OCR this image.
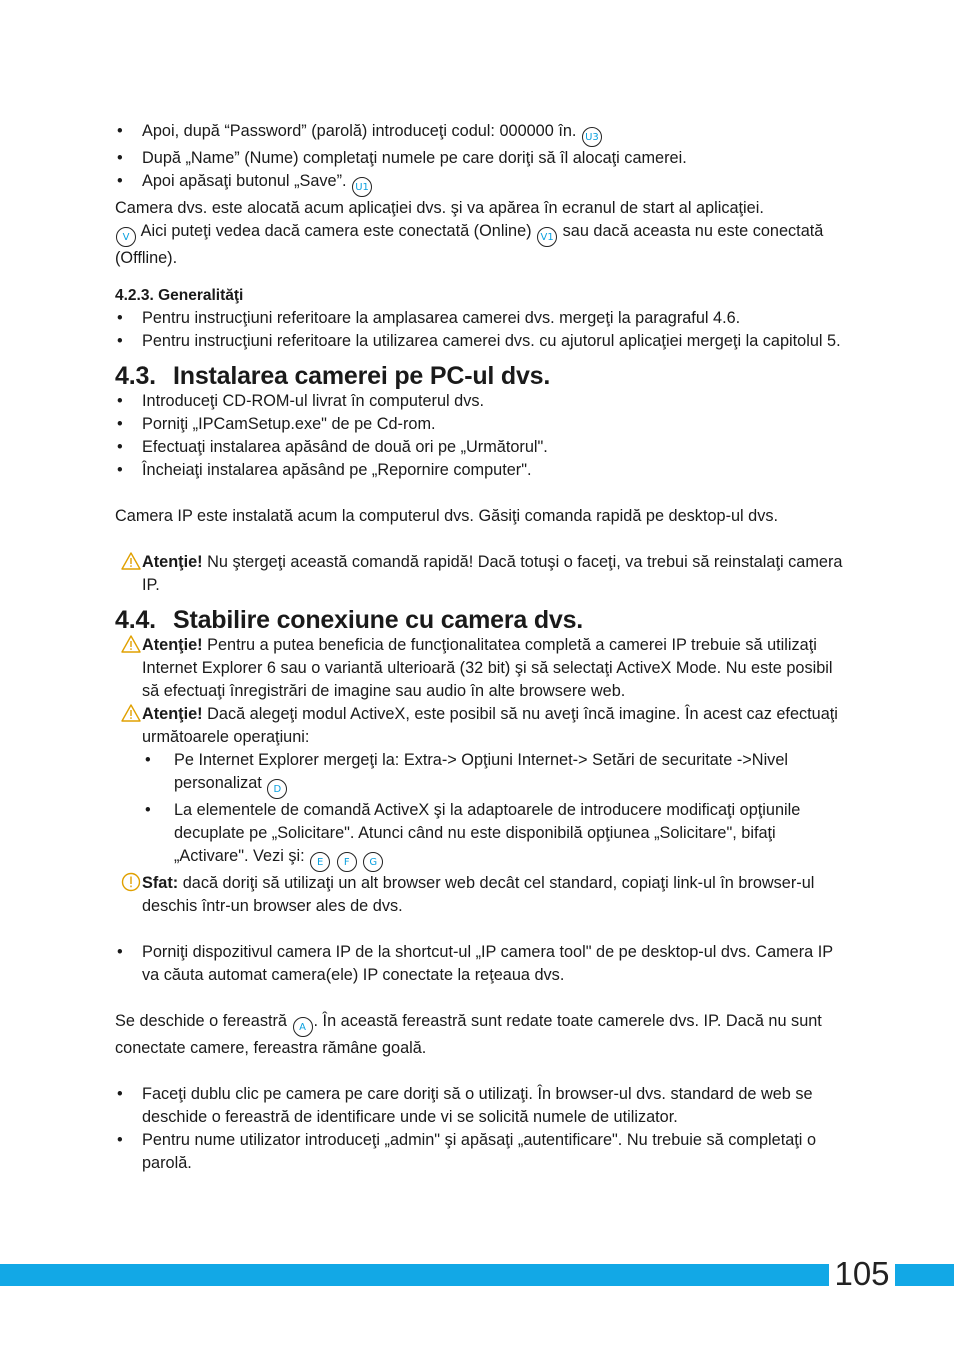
• Apoi, după “Password” (parolă) introduceţi codul: 000000 în. U3
• După „Name” (Nume) completaţi numele pe care doriţi să îl alocaţi camerei.
• Apoi apăsaţi butonul „Save”. U1
Camera dvs. este alocată acum aplicaţiei dvs. şi va apărea în ecranul de start al aplicaţiei.
V Aici puteţi vedea dacă camera este conectată (Online) V1 sau dacă aceasta nu este conectată (Offline).
4.2.3. Generalităţi
• Pentru instrucţiuni referitoare la amplasarea camerei dvs. mergeţi la paragraful 4.6.
• Pentru instrucţiuni referitoare la utilizarea camerei dvs. cu ajutorul aplicaţiei mergeţi la capitolul 5.
4.3. Instalarea camerei pe PC-ul dvs.
• Introduceţi CD-ROM-ul livrat în computerul dvs.
• Porniţi „IPCamSetup.exe" de pe Cd-rom.
• Efectuaţi instalarea apăsând de două ori pe „Următorul".
• Încheiaţi instalarea apăsând pe „Repornire computer".
Camera IP este instalată acum la computerul dvs. Găsiţi comanda rapidă pe desktop-ul dvs.
Atenţie! Nu ştergeţi această comandă rapidă! Dacă totuşi o faceţi, va trebui să reinstalaţi camera IP.
4.4. Stabilire conexiune cu camera dvs.
Atenţie! Pentru a putea beneficia de funcţionalitatea completă a camerei IP trebuie să utilizaţi Internet Explorer 6 sau o variantă ulterioară (32 bit) şi să selectaţi ActiveX Mode. Nu este posibil să efectuaţi înregistrări de imagine sau audio în alte browsere web.
Atenţie! Dacă alegeţi modul ActiveX, este posibil să nu aveţi încă imagine. În acest caz efectuaţi următoarele operaţiuni:
• Pe Internet Explorer mergeţi la: Extra-> Opţiuni Internet-> Setări de securitate ->Nivel personalizat D
• La elementele de comandă ActiveX şi la adaptoarele de introducere modificaţi opţiunile decuplate pe „Solicitare". Atunci când nu este disponibilă opţiunea „Solicitare", bifaţi „Activare". Vezi şi: E F G
Sfat: dacă doriţi să utilizaţi un alt browser web decât cel standard, copiaţi link-ul în browser-ul deschis într-un browser ales de dvs.
• Porniţi dispozitivul camera IP de la shortcut-ul „IP camera tool" de pe desktop-ul dvs. Camera IP va căuta automat camera(ele) IP conectate la reţeaua dvs.
Se deschide o fereastră A . În această fereastră sunt redate toate camerele dvs. IP. Dacă nu sunt conectate camere, fereastra rămâne goală.
• Faceţi dublu clic pe camera pe care doriţi să o utilizaţi. În browser-ul dvs. standard de web se deschide o fereastră de identificare unde vi se solicită numele de utilizator.
• Pentru nume utilizator introduceţi „admin" şi apăsaţi „autentificare". Nu trebuie să completaţi o parolă.
105
